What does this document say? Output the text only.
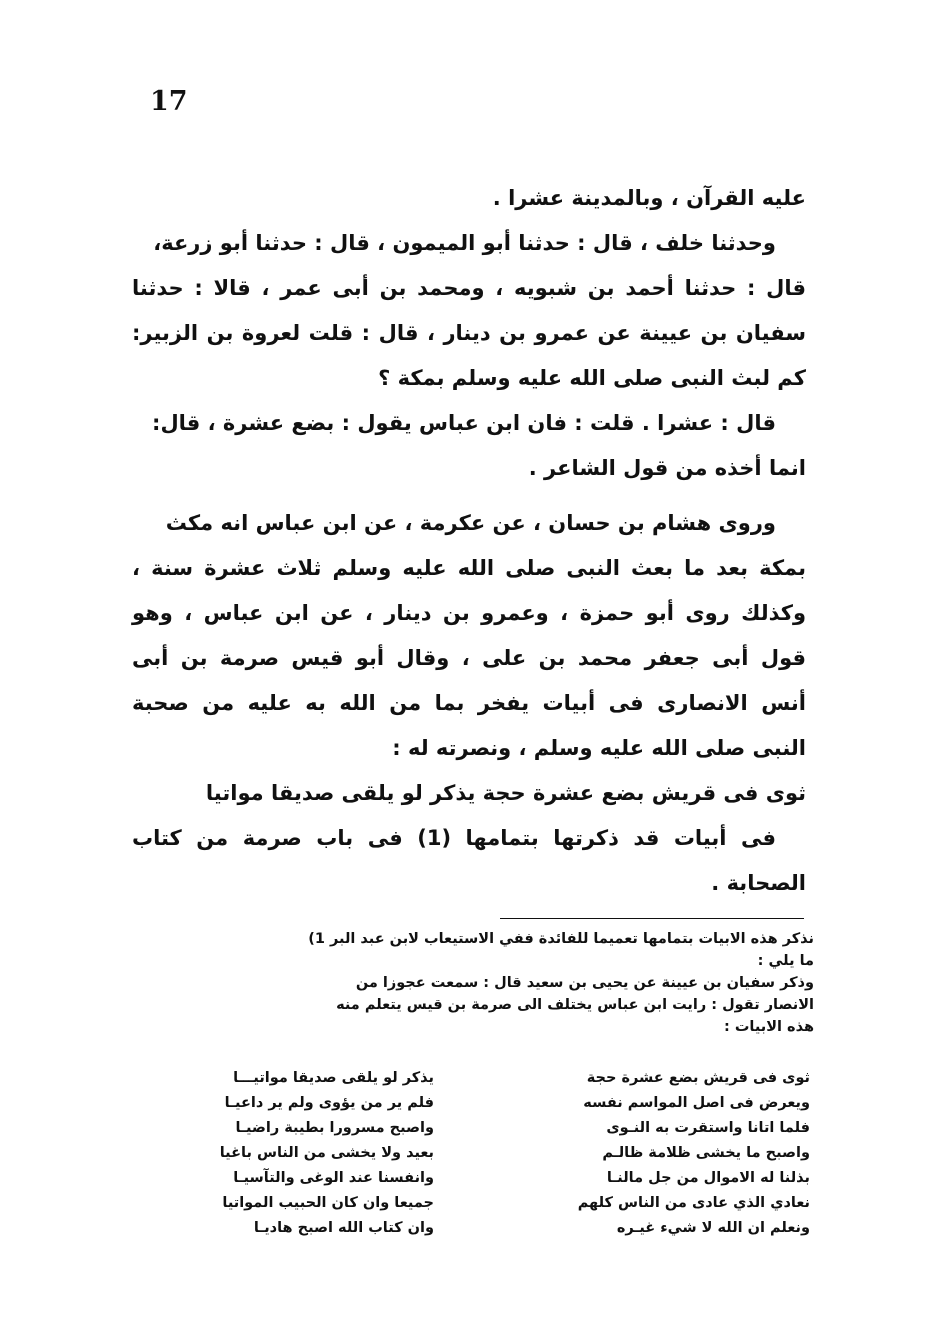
17
عليه القرآن ، وبالمدينة عشرا .
وحدثنا خلف ، قال : حدثنا أبو الميمون ، قال : حدثنا أبو زرعة،
قال : حدثنا أحمد بن شبويه ، ومحمد بن أبى عمر ، قالا : حدثنا
سفيان بن عيينة عن عمرو بن دينار ، قال : قلت لعروة بن الزبير:
كم لبث النبى صلى الله عليه وسلم بمكة ؟
قال : عشرا . قلت : فان ابن عباس يقول : بضع عشرة ، قال:
انما أخذه من قول الشاعر .
وروى هشام بن حسان ، عن عكرمة ، عن ابن عباس انه مكث
بمكة بعد ما بعث النبى صلى الله عليه وسلم ثلاث عشرة سنة ،
وكذلك روى أبو حمزة ، وعمرو بن دينار ، عن ابن عباس ، وهو
قول أبى جعفر محمد بن على ، وقال أبو قيس صرمة بن أبى
أنس الانصارى فى أبيات يفخر بما من الله به عليه من صحبة
النبى صلى الله عليه وسلم ، ونصرته له :
ثوى فى قريش بضع عشرة حجة يذكر لو يلقى صديقا مواتيا
فى أبيات قد ذكرتها بتمامها (1) فى باب صرمة من كتاب
الصحابة .
نذكر هذه الابيات بتمامها تعميما للفائدة ففي الاستيعاب لابن عبد البر 1)
ما يلي :
وذكر سفيان بن عيينة عن يحيى بن سعيد قال : سمعت عجوزا من
الانصار تقول : رايت ابن عباس يختلف الى صرمة بن قيس يتعلم منه
هذه الابيات :
ثوى فى قريش بضع عشرة حجة
يذكر لو يلقى صديقا مواتيـــا
ويعرض فى اصل المواسم نفسه
فلم ير من يؤوى ولم ير داعيـا
فلما اتانا واستقرت به النـوى
واصبح مسرورا بطيبة راضيـا
واصبح ما يخشى ظلامة ظالـم
بعيد ولا يخشى من الناس باغيا
بذلنا له الاموال من جل مالنـا
وانفسنا عند الوغى والتآسيـا
نعادي الذي عادى من الناس كلهم
جميعا وان كان الحبيب المواتيا
ونعلم ان الله لا شيء غيـره
وان كتاب الله اصبح هاديـا
